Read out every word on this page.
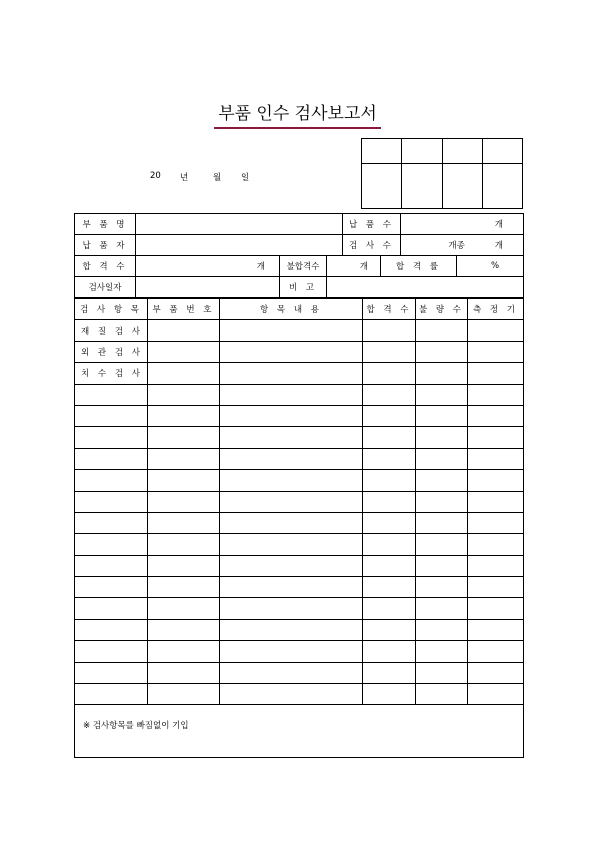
부품 인수 검사보고서
20 년	월 일

부 품 명				납 품 수		개	
납 품 자				검 사 수		개종 개	
합 격 수	개	불합격수	개		합 격 률		%
검사일자		비 고					
검 사 항 목	부 품 번 호	항 목 내 용	합 격 수	불 량 수	측 정 기
재 질 검 사					
외 관 검 사					
치 수 검 사					

※ 검사항목를 빠짐없이 기입					
